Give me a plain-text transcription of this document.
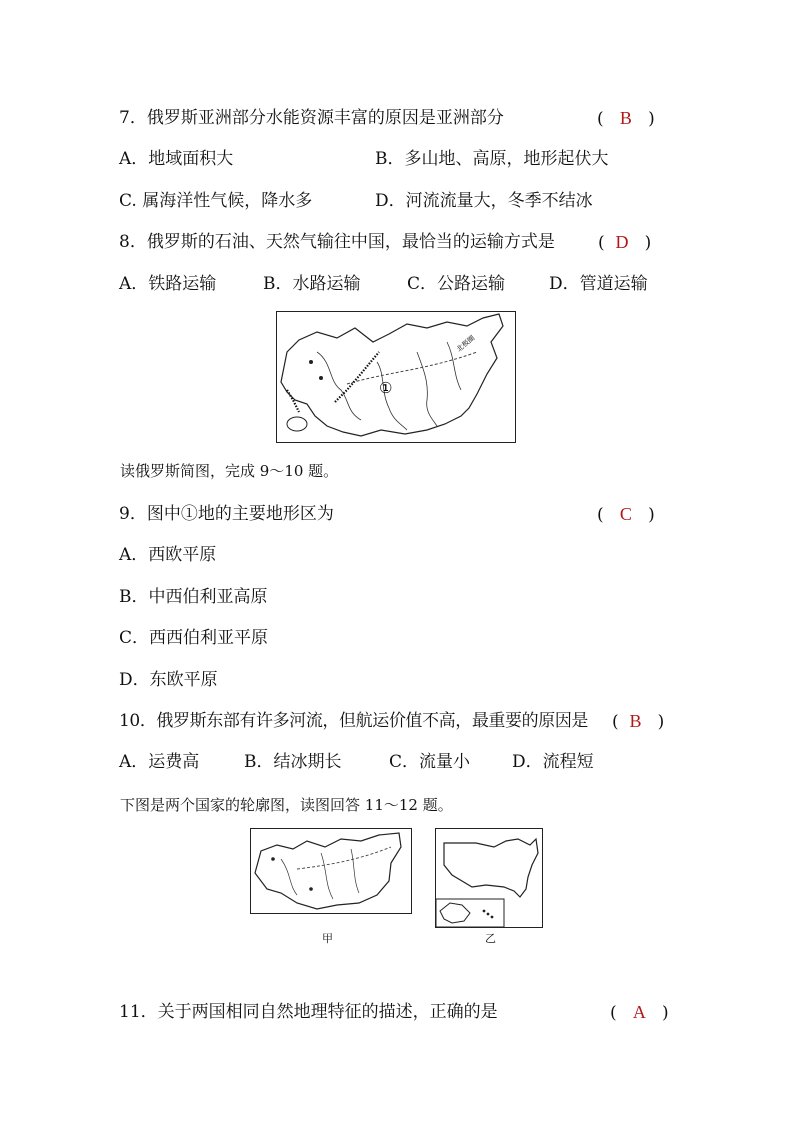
7．俄罗斯亚洲部分水能资源丰富的原因是亚洲部分	(   B   )
A．地域面积大	B．多山地、高原，地形起伏大
C. 属海洋性气候，降水多	D．河流流量大，冬季不结冰
8．俄罗斯的石油、天然气输往中国，最恰当的运输方式是	(  D   )
A．铁路运输	B．水路运输	C．公路运输	D．管道运输
①
北极圈
读俄罗斯简图，完成 9～10 题。
9．图中①地的主要地形区为	(   C   )
A．西欧平原
B．中西伯利亚高原
C．西西伯利亚平原
D．东欧平原
10．俄罗斯东部有许多河流，但航运价值不高，最重要的原因是 (  B   )
A．运费高	B．结冰期长	C．流量小 D．流程短
下图是两个国家的轮廓图，读图回答 11～12 题。
甲	乙
11．关于两国相同自然地理特征的描述，正确的是	(   A   )
